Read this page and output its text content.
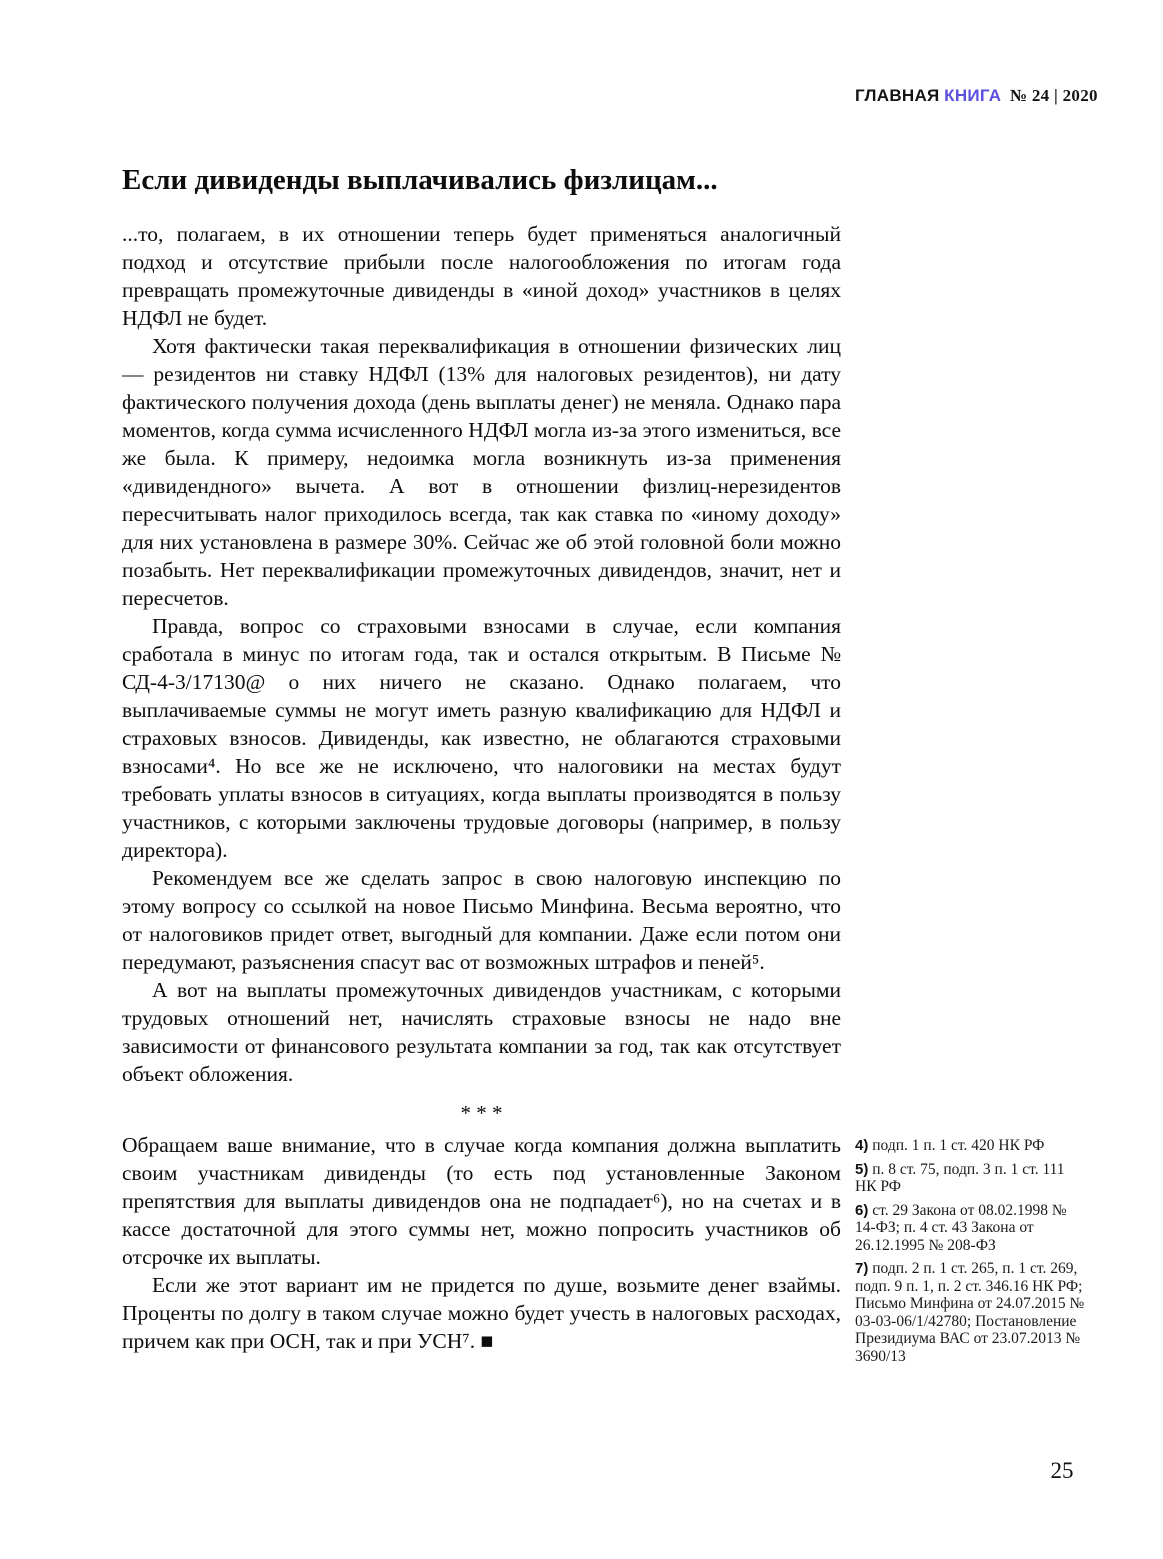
ГЛАВНАЯ КНИГА № 24 | 2020
Если дивиденды выплачивались физлицам...

...то, полагаем, в их отношении теперь будет применяться аналогичный подход и отсутствие прибыли после налогообложения по итогам года превращать промежуточные дивиденды в «иной доход» участников в целях НДФЛ не будет.

Хотя фактически такая переквалификация в отношении физических лиц — резидентов ни ставку НДФЛ (13% для налоговых резидентов), ни дату фактического получения дохода (день выплаты денег) не меняла. Однако пара моментов, когда сумма исчисленного НДФЛ могла из-за этого измениться, все же была. К примеру, недоимка могла возникнуть из-за применения «дивидендного» вычета. А вот в отношении физлиц-нерезидентов пересчитывать налог приходилось всегда, так как ставка по «иному доходу» для них установлена в размере 30%. Сейчас же об этой головной боли можно позабыть. Нет переквалификации промежуточных дивидендов, значит, нет и пересчетов.

Правда, вопрос со страховыми взносами в случае, если компания сработала в минус по итогам года, так и остался открытым. В Письме № СД-4-3/17130@ о них ничего не сказано. Однако полагаем, что выплачиваемые суммы не могут иметь разную квалификацию для НДФЛ и страховых взносов. Дивиденды, как известно, не облагаются страховыми взносами⁴. Но все же не исключено, что налоговики на местах будут требовать уплаты взносов в ситуациях, когда выплаты производятся в пользу участников, с которыми заключены трудовые договоры (например, в пользу директора).

Рекомендуем все же сделать запрос в свою налоговую инспекцию по этому вопросу со ссылкой на новое Письмо Минфина. Весьма вероятно, что от налоговиков придет ответ, выгодный для компании. Даже если потом они передумают, разъяснения спасут вас от возможных штрафов и пеней⁵.

А вот на выплаты промежуточных дивидендов участникам, с которыми трудовых отношений нет, начислять страховые взносы не надо вне зависимости от финансового результата компании за год, так как отсутствует объект обложения.

* * *

Обращаем ваше внимание, что в случае когда компания должна выплатить своим участникам дивиденды (то есть под установленные Законом препятствия для выплаты дивидендов она не подпадает⁶), но на счетах и в кассе достаточной для этого суммы нет, можно попросить участников об отсрочке их выплаты.

Если же этот вариант им не придется по душе, возьмите денег взаймы. Проценты по долгу в таком случае можно будет учесть в налоговых расходах, причем как при ОСН, так и при УСН⁷. ■

4) подп. 1 п. 1 ст. 420 НК РФ

5) п. 8 ст. 75, подп. 3 п. 1 ст. 111 НК РФ

6) ст. 29 Закона от 08.02.1998 № 14-ФЗ; п. 4 ст. 43 Закона от 26.12.1995 № 208-ФЗ

7) подп. 2 п. 1 ст. 265, п. 1 ст. 269, подп. 9 п. 1, п. 2 ст. 346.16 НК РФ; Письмо Минфина от 24.07.2015 № 03-03-06/1/42780; Постановление Президиума ВАС от 23.07.2013 № 3690/13

25
